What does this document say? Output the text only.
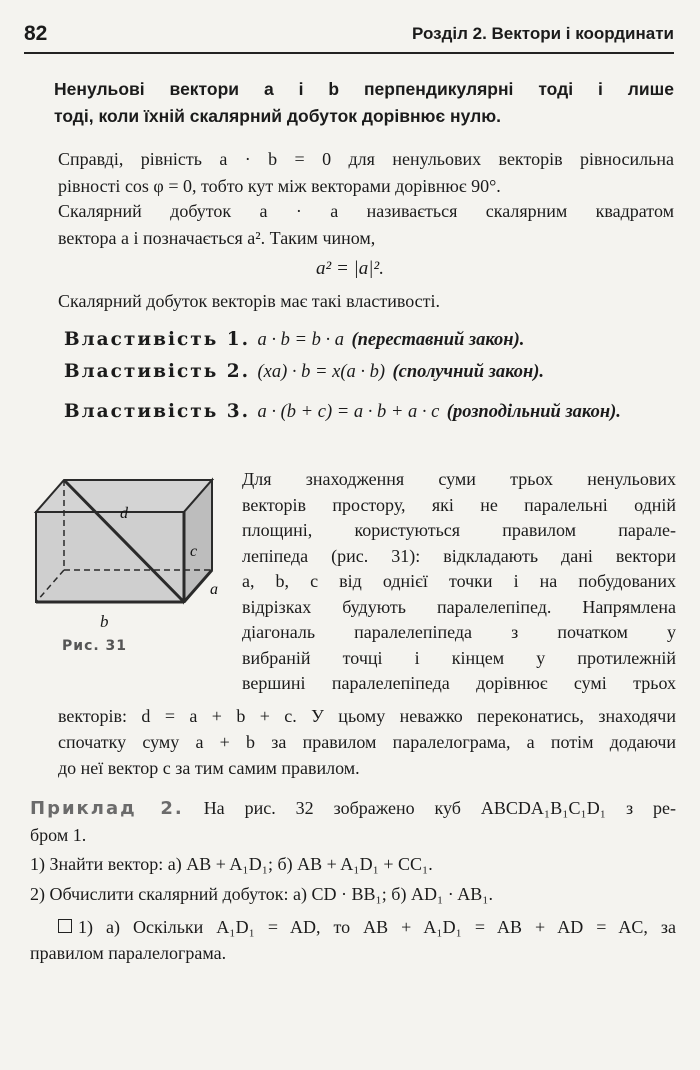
82	Розділ 2. Вектори і координати
Ненульові вектори a і b перпендикулярні тоді і лише
тоді, коли їхній скалярний добуток дорівнює нулю.
Справді, рівність a · b = 0 для ненульових векторів рівносильна
рівності cos φ = 0, тобто кут між векторами дорівнює 90°.
Скалярний добуток a · a називається скалярним квадратом
вектора a і позначається a². Таким чином,
a² = |a|².
Скалярний добуток векторів має такі властивості.
Властивість 1. a · b = b · a (переставний закон).
Властивість 2. (xa) · b = x(a · b) (сполучний закон).
Властивість 3. a · (b + c) = a · b + a · c (розподільний закон).
d
c
a
b
Рис. 31
Для знаходження суми трьох ненульових
векторів простору, які не паралельні одній
площині, користуються правилом парале-
лепіпеда (рис. 31): відкладають дані вектори
a, b, c від однієї точки і на побудованих
відрізках будують паралелепіпед. Напрямлена
діагональ паралелепіпеда з початком у
вибраній точці і кінцем у протилежній
вершині паралелепіпеда дорівнює сумі трьох
векторів: d = a + b + c. У цьому неважко переконатись, знаходячи
спочатку суму a + b за правилом паралелограма, а потім додаючи
до неї вектор c за тим самим правилом.
Приклад 2. На рис. 32 зображено куб ABCDA₁B₁C₁D₁ з ре-
бром 1.
1) Знайти вектор: а) AB + A₁D₁; б) AB + A₁D₁ + CC₁.
2) Обчислити скалярний добуток: а) CD · BB₁; б) AD₁ · AB₁.
1) а) Оскільки A₁D₁ = AD, то AB + A₁D₁ = AB + AD = AC, за
правилом паралелограма.
